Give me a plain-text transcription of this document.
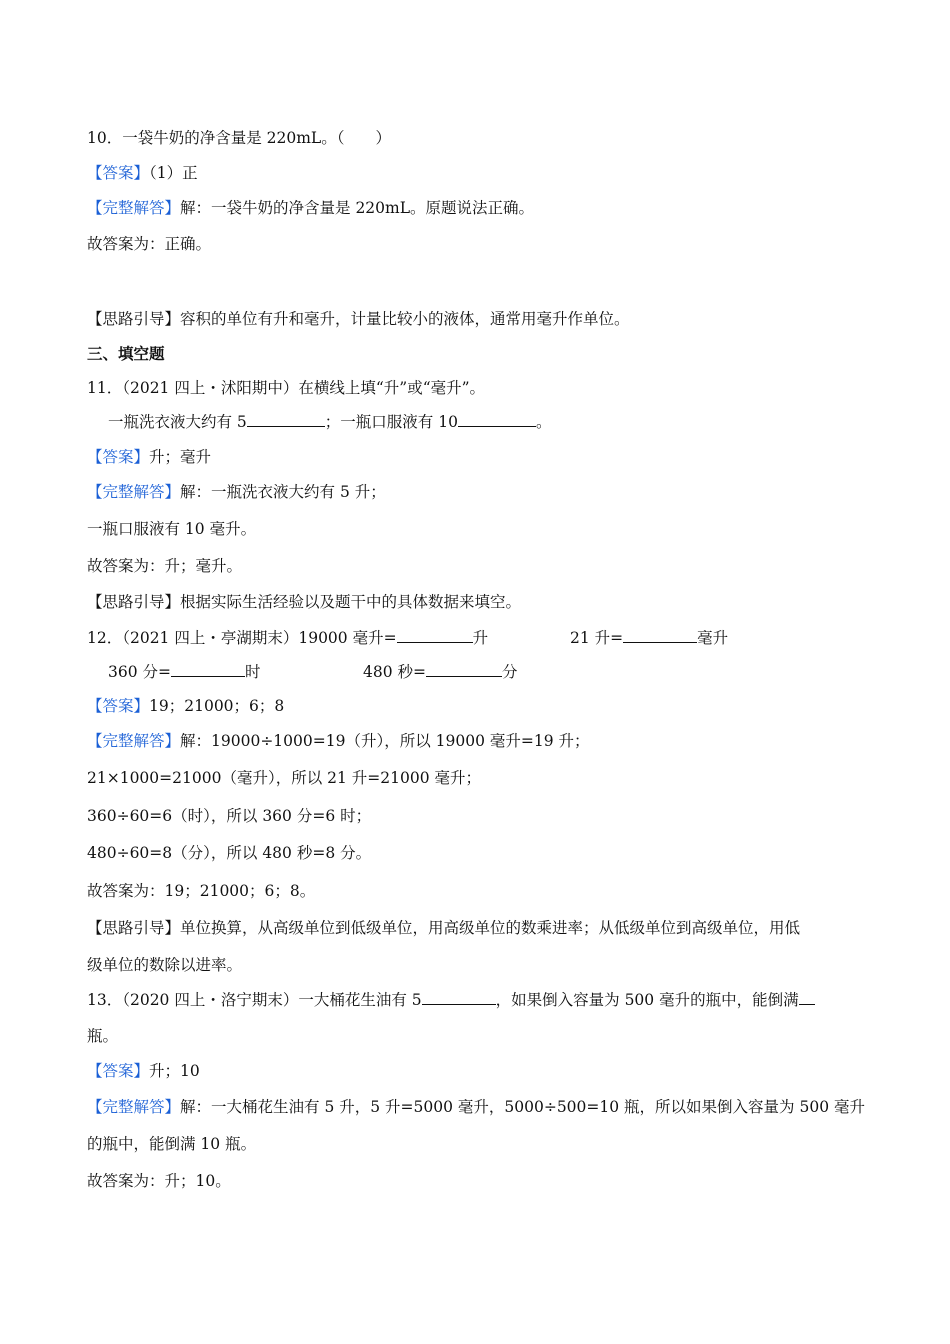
10．一袋牛奶的净含量是 220mL。（　　）
【答案】（1）正
【完整解答】解：一袋牛奶的净含量是 220mL。原题说法正确。
故答案为：正确。
【思路引导】容积的单位有升和毫升，计量比较小的液体，通常用毫升作单位。
三、填空题
11．（2021 四上・沭阳期中）在横线上填“升”或“毫升”。
一瓶洗衣液大约有 5	；一瓶口服液有 10	。
【答案】升；毫升
【完整解答】解：一瓶洗衣液大约有 5 升；
一瓶口服液有 10 毫升。
故答案为：升；毫升。
【思路引导】根据实际生活经验以及题干中的具体数据来填空。
12．（2021 四上・亭湖期末）19000 毫升=	升	21 升=	毫升
360 分=	时	480 秒=	分
【答案】19；21000；6；8
【完整解答】解：19000÷1000=19（升），所以 19000 毫升=19 升；
21×1000=21000（毫升），所以 21 升=21000 毫升；
360÷60=6（时），所以 360 分=6 时；
480÷60=8（分），所以 480 秒=8 分。
故答案为：19；21000；6；8。
【思路引导】单位换算，从高级单位到低级单位，用高级单位的数乘进率；从低级单位到高级单位，用低
级单位的数除以进率。
13．（2020 四上・洛宁期末）一大桶花生油有 5	，如果倒入容量为 500 毫升的瓶中，能倒满
瓶。
【答案】升；10
【完整解答】解：一大桶花生油有 5 升，5 升=5000 毫升，5000÷500=10 瓶，所以如果倒入容量为 500 毫升
的瓶中，能倒满 10 瓶。
故答案为：升；10。
